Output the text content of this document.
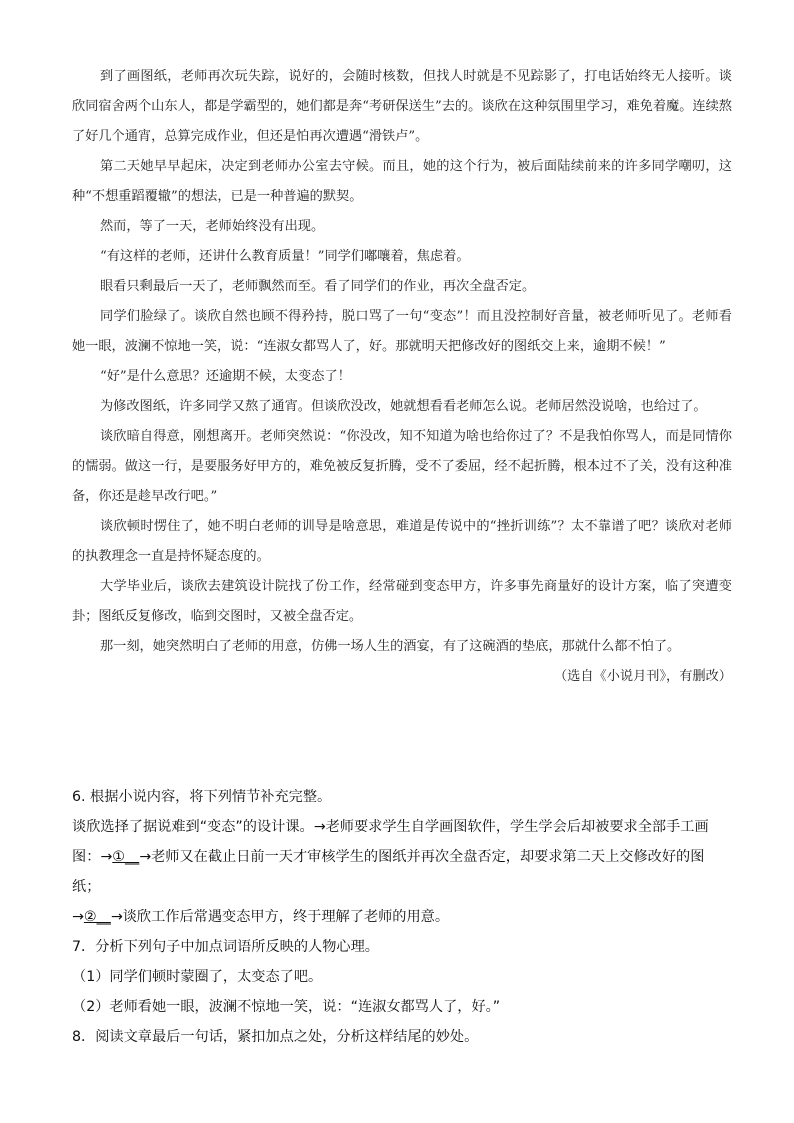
到了画图纸，老师再次玩失踪，说好的，会随时核数，但找人时就是不见踪影了，打电话始终无人接听。谈欣同宿舍两个山东人，都是学霸型的，她们都是奔“考研保送生”去的。谈欣在这种氛围里学习，难免着魔。连续熬了好几个通宵，总算完成作业，但还是怕再次遭遇“滑铁卢”。

第二天她早早起床，决定到老师办公室去守候。而且，她的这个行为，被后面陆续前来的许多同学嘲叨，这种“不想重蹈覆辙”的想法，已是一种普遍的默契。

然而，等了一天，老师始终没有出现。

“有这样的老师，还讲什么教育质量！”同学们嘟嚷着，焦虑着。

眼看只剩最后一天了，老师飘然而至。看了同学们的作业，再次全盘否定。

同学们脸绿了。谈欣自然也顾不得矜持，脱口骂了一句“变态”！而且没控制好音量，被老师听见了。老师看她一眼，波澜不惊地一笑，说：“连淑女都骂人了，好。那就明天把修改好的图纸交上来，逾期不候！”

“好”是什么意思？还逾期不候，太变态了！

为修改图纸，许多同学又熬了通宵。但谈欣没改，她就想看看老师怎么说。老师居然没说啥，也给过了。

谈欣暗自得意，刚想离开。老师突然说：“你没改，知不知道为啥也给你过了？不是我怕你骂人，而是同情你的懦弱。做这一行，是要服务好甲方的，难免被反复折腾，受不了委屈，经不起折腾，根本过不了关，没有这种准备，你还是趁早改行吧。”

谈欣顿时愣住了，她不明白老师的训导是啥意思，难道是传说中的“挫折训练”？太不靠谱了吧？谈欣对老师的执教理念一直是持怀疑态度的。

大学毕业后，谈欣去建筑设计院找了份工作，经常碰到变态甲方，许多事先商量好的设计方案，临了突遭变卦；图纸反复修改，临到交图时，又被全盘否定。

那一刻，她突然明白了老师的用意，仿佛一场人生的酒宴，有了这碗酒的垫底，那就什么都不怕了。

（选自《小说月刊》，有删改）

6. 根据小说内容，将下列情节补充完整。

谈欣选择了据说难到“变态”的设计课。→老师要求学生自学画图软件，学生学会后却被要求全部手工画

图：→①__→老师又在截止日前一天才审核学生的图纸并再次全盘否定，却要求第二天上交修改好的图纸；

→②__→谈欣工作后常遇变态甲方，终于理解了老师的用意。

7．分析下列句子中加点词语所反映的人物心理。

（1）同学们顿时蒙圈了，太变态了吧。

（2）老师看她一眼，波澜不惊地一笑，说：“连淑女都骂人了，好。”

8．阅读文章最后一句话，紧扣加点之处，分析这样结尾的妙处。
